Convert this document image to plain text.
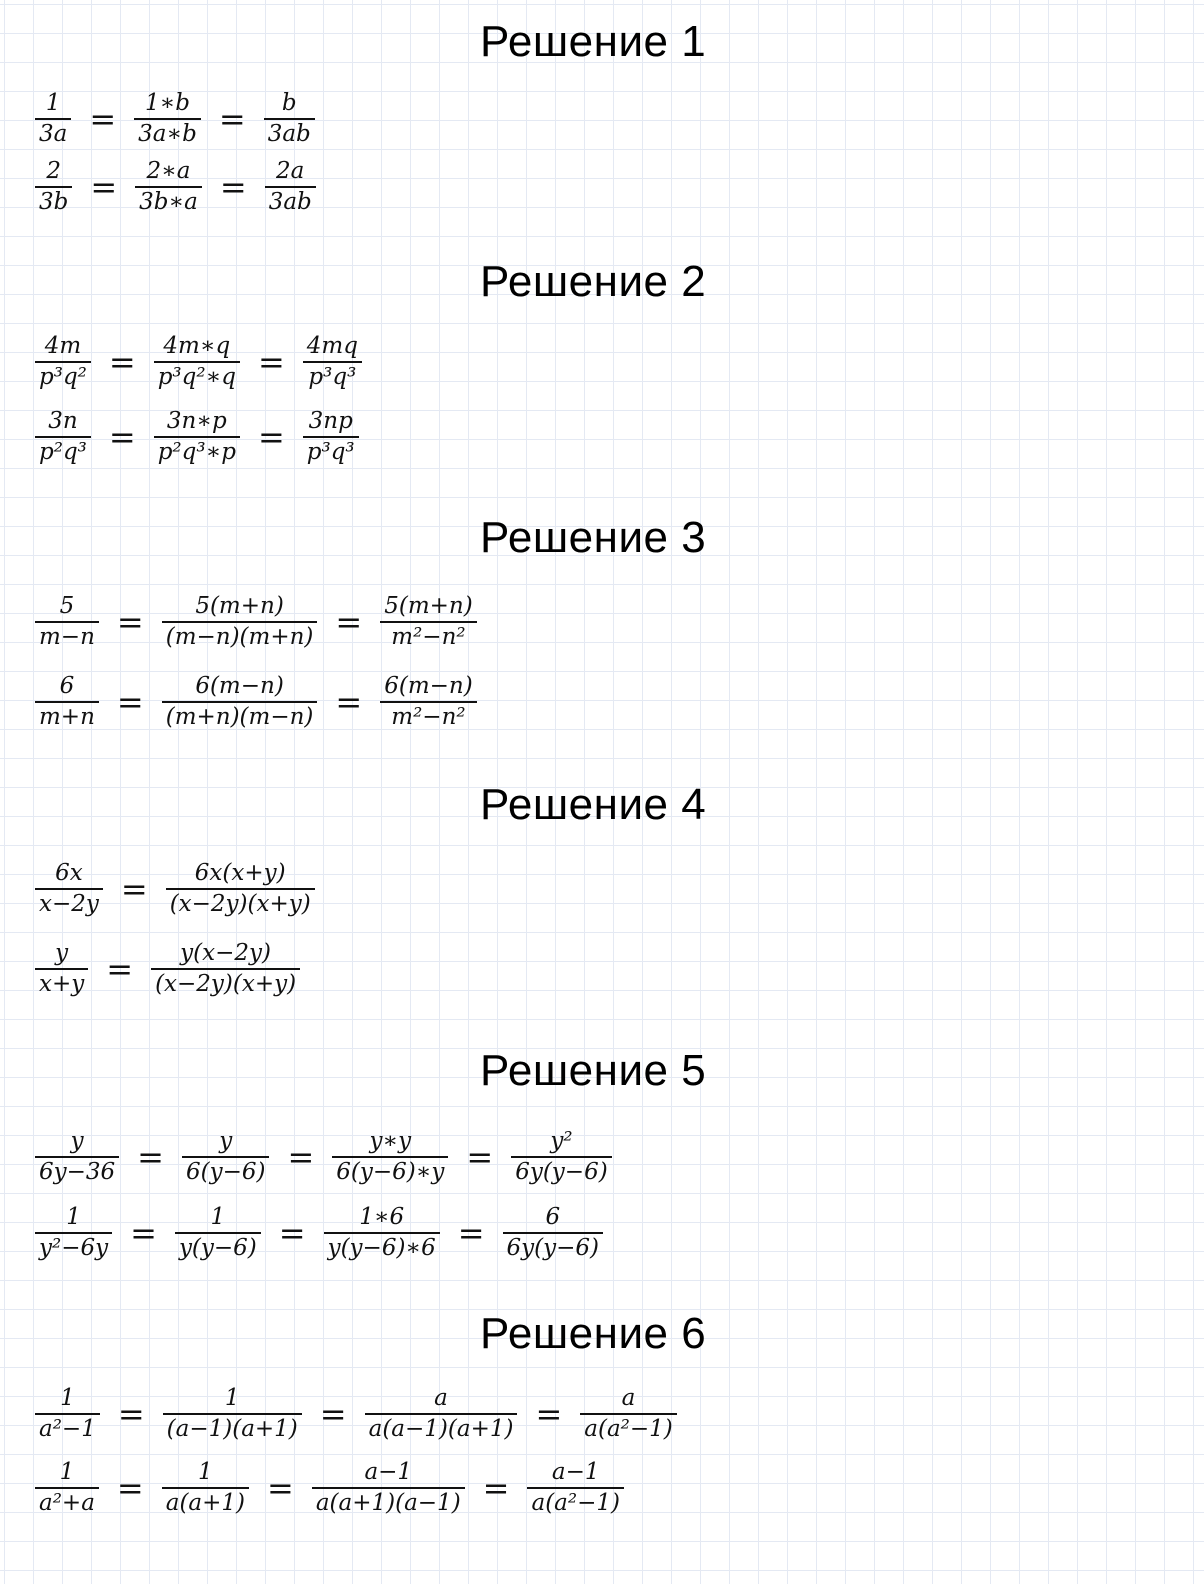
Решение 1
$\frac{1}{3a} = \frac{1∗b}{3a∗b} = \frac{b}{3ab}$
$\frac{2}{3b} = \frac{2∗a}{3b∗a} = \frac{2a}{3ab}$
Решение 2
$\frac{4m}{\text{p³q²}} = \frac{4m∗q}{\text{p³q²∗q}} = \frac{4mq}{\text{p³q³}}$
$\frac{3n}{\text{p²q³}} = \frac{3n∗p}{\text{p²q³∗p}} = \frac{3np}{\text{p³q³}}$
Решение 3
$\frac{5}{m-n} = \frac{5(m+n)}{(m-n)(m+n)} = \frac{5(m+n)}{\text{m²−n²}}$
$\frac{6}{m+n} = \frac{6(m-n)}{(m+n)(m-n)} = \frac{6(m-n)}{\text{m²−n²}}$
Решение 4
$\frac{6x}{x-2y} = \frac{6x(x+y)}{(x-2y)(x+y)}$
$\frac{y}{x+y} = \frac{y(x-2y)}{(x-2y)(x+y)}$
Решение 5
$\frac{y}{6y-36} = \frac{y}{6(y-6)} = \frac{y∗y}{6(y-6)∗y} = \frac{\text{y²}}{6y(y-6)}$
$\frac{1}{\text{y²−6y}} = \frac{1}{y(y-6)} = \frac{1∗6}{y(y-6)∗6} = \frac{6}{6y(y-6)}$
Решение 6
$\frac{1}{\text{a²−1}} = \frac{1}{(a-1)(a+1)} = \frac{a}{a(a-1)(a+1)} = \frac{a}{\text{a(a²−1)}}$
$\frac{1}{\text{a²+a}} = \frac{1}{a(a+1)} = \frac{a-1}{a(a+1)(a-1)} = \frac{a-1}{\text{a(a²−1)}}$
